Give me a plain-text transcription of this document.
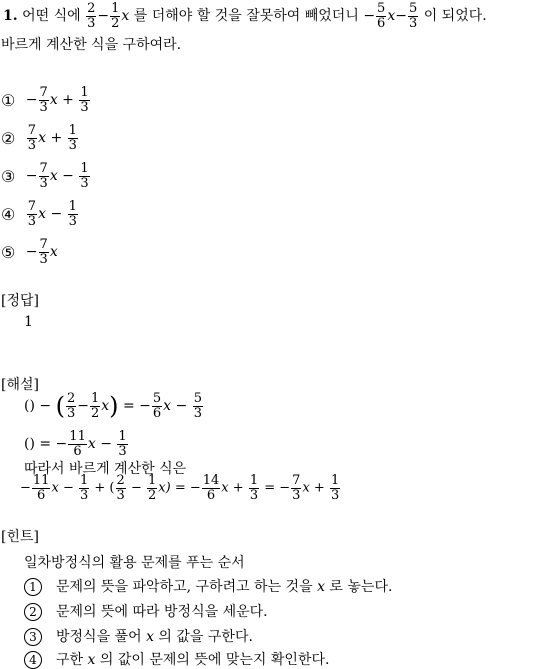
1. 어떤 식에 $\frac{2}{3} - \frac{1}{2}$ x 를 더해야 할 것을 잘못하여 빼었더니 − $\frac{5}{6} x- \frac{5}{3}$ 이 되었다.
바르게 계산한 식을 구하여라.
① − $\frac{7}{3}$ $x + \frac{1}{3}$
② $\frac{7}{3}$ $x + \frac{1}{3}$
③ − $\frac{7}{3}$ $x - \frac{1}{3}$
④ $\frac{7}{3}$ $x - \frac{1}{3}$
⑤ − $\frac{7}{3}$ x
[정답]
1
[해설]
() − ( $\frac{2}{3} - \frac{1}{2} x$) = − $\frac{5}{6}$ $x - \frac{5}{3}$
() = − $\frac{11}{6}$ $x - \frac{1}{3}$
따라서 바르게 계산한 식은
− $\frac{11}{6}$ $x - \frac{1}{3}$ + ( $\frac{2}{3} - \frac{1}{2} x$) = − $\frac{14}{6}$ $x + \frac{1}{3}$ = − $\frac{7}{3}$ $x + \frac{1}{3}$
[힌트]
일차방정식의 활용 문제를 푸는 순서
1 문제의 뜻을 파악하고, 구하려고 하는 것을 x 로 놓는다.
2 문제의 뜻에 따라 방정식을 세운다.
3 방정식을 풀어 x 의 값을 구한다.
4 구한 x 의 값이 문제의 뜻에 맞는지 확인한다.
